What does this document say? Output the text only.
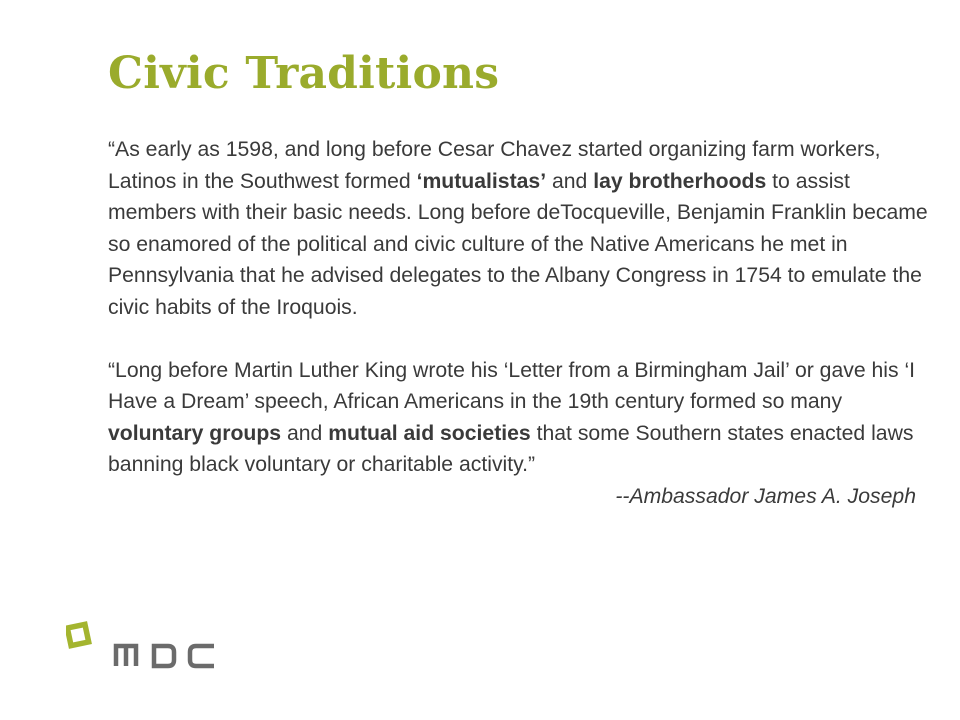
Civic Traditions

“As early as 1598, and long before Cesar Chavez started organizing farm workers, Latinos in the Southwest formed ‘mutualistas’ and lay brotherhoods to assist members with their basic needs. Long before deTocqueville, Benjamin Franklin became so enamored of the political and civic culture of the Native Americans he met in Pennsylvania that he advised delegates to the Albany Congress in 1754 to emulate the civic habits of the Iroquois.

“Long before Martin Luther King wrote his ‘Letter from a Birmingham Jail’ or gave his ‘I Have a Dream’ speech, African Americans in the 19th century formed so many voluntary groups and mutual aid societies that some Southern states enacted laws banning black voluntary or charitable activity.”

--Ambassador James A. Joseph
